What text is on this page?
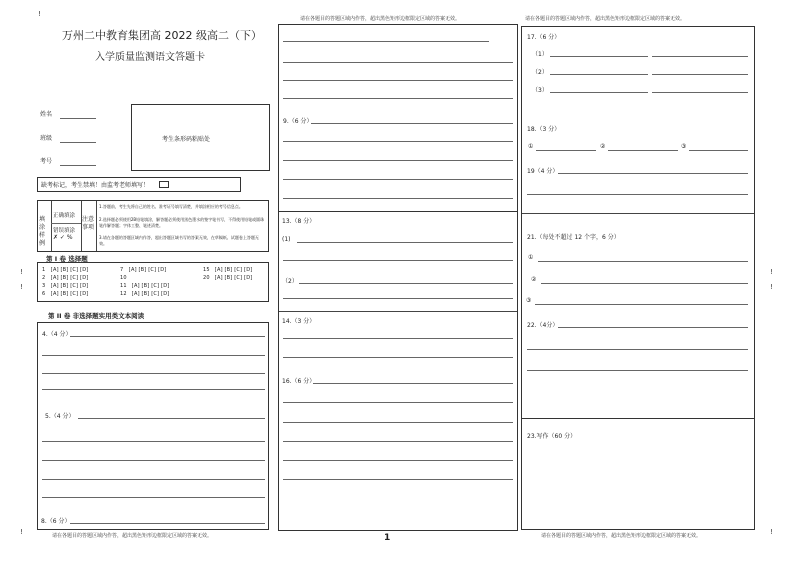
!
!
!
!
!
!	!
请在各题目的答题区域内作答，超出黑色矩形边框限定区域的答案无效。	请在各题目的答题区域内作答，超出黑色矩形边框限定区域的答案无效。
万州二中教育集团高 2022 级高二（下）
入学质量监测语文答题卡
姓名
班级
考号
考生条形码粘贴处
缺考标记，考生禁填！由监考老师填写！
填涂样例
正确填涂
错误填涂
✗ ✓ %
注意事项
1.答题前，考生先将自己的姓名、准考证号填写清楚，并填涂相应的考号信息点。
2.选择题必须使用2B铅笔填涂，解答题必须使用黑色墨水的签字笔书写，不得使用铅笔或圆珠笔作解答题；字体工整、笔迹清楚。
3.请在各题的答题区域内作答，超出答题区域书写的答案无效，在草稿纸、试题卷上答题无效。
第 I 卷 选择题
1 [A] [B] [C] [D]	7 [A] [B] [C] [D]	15 [A] [B] [C] [D]
2 [A] [B] [C] [D]	10	20 [A] [B] [C] [D]
3 [A] [B] [C] [D]	11 [A] [B] [C] [D]
6 [A] [B] [C] [D]	12 [A] [B] [C] [D]
第 II 卷 非选择题实用类文本阅读
4.（4 分）
5.（4 分）
8.（6 分）
请在各题目的答题区域内作答，超出黑色矩形边框限定区域的答案无效。
9.（6 分）
13.（8 分）
(1)
（2）
14.（3 分）
16.（6 分）
1
17.（6 分）
（1）
（2）
（3）
18.（3 分）
①	②	③
19（4 分）
21.（每处不超过 12 个字，6 分）
①
②
③
22.（4分）
23.写作（60 分）
请在各题目的答题区域内作答，超出黑色矩形边框限定区域的答案无效。
